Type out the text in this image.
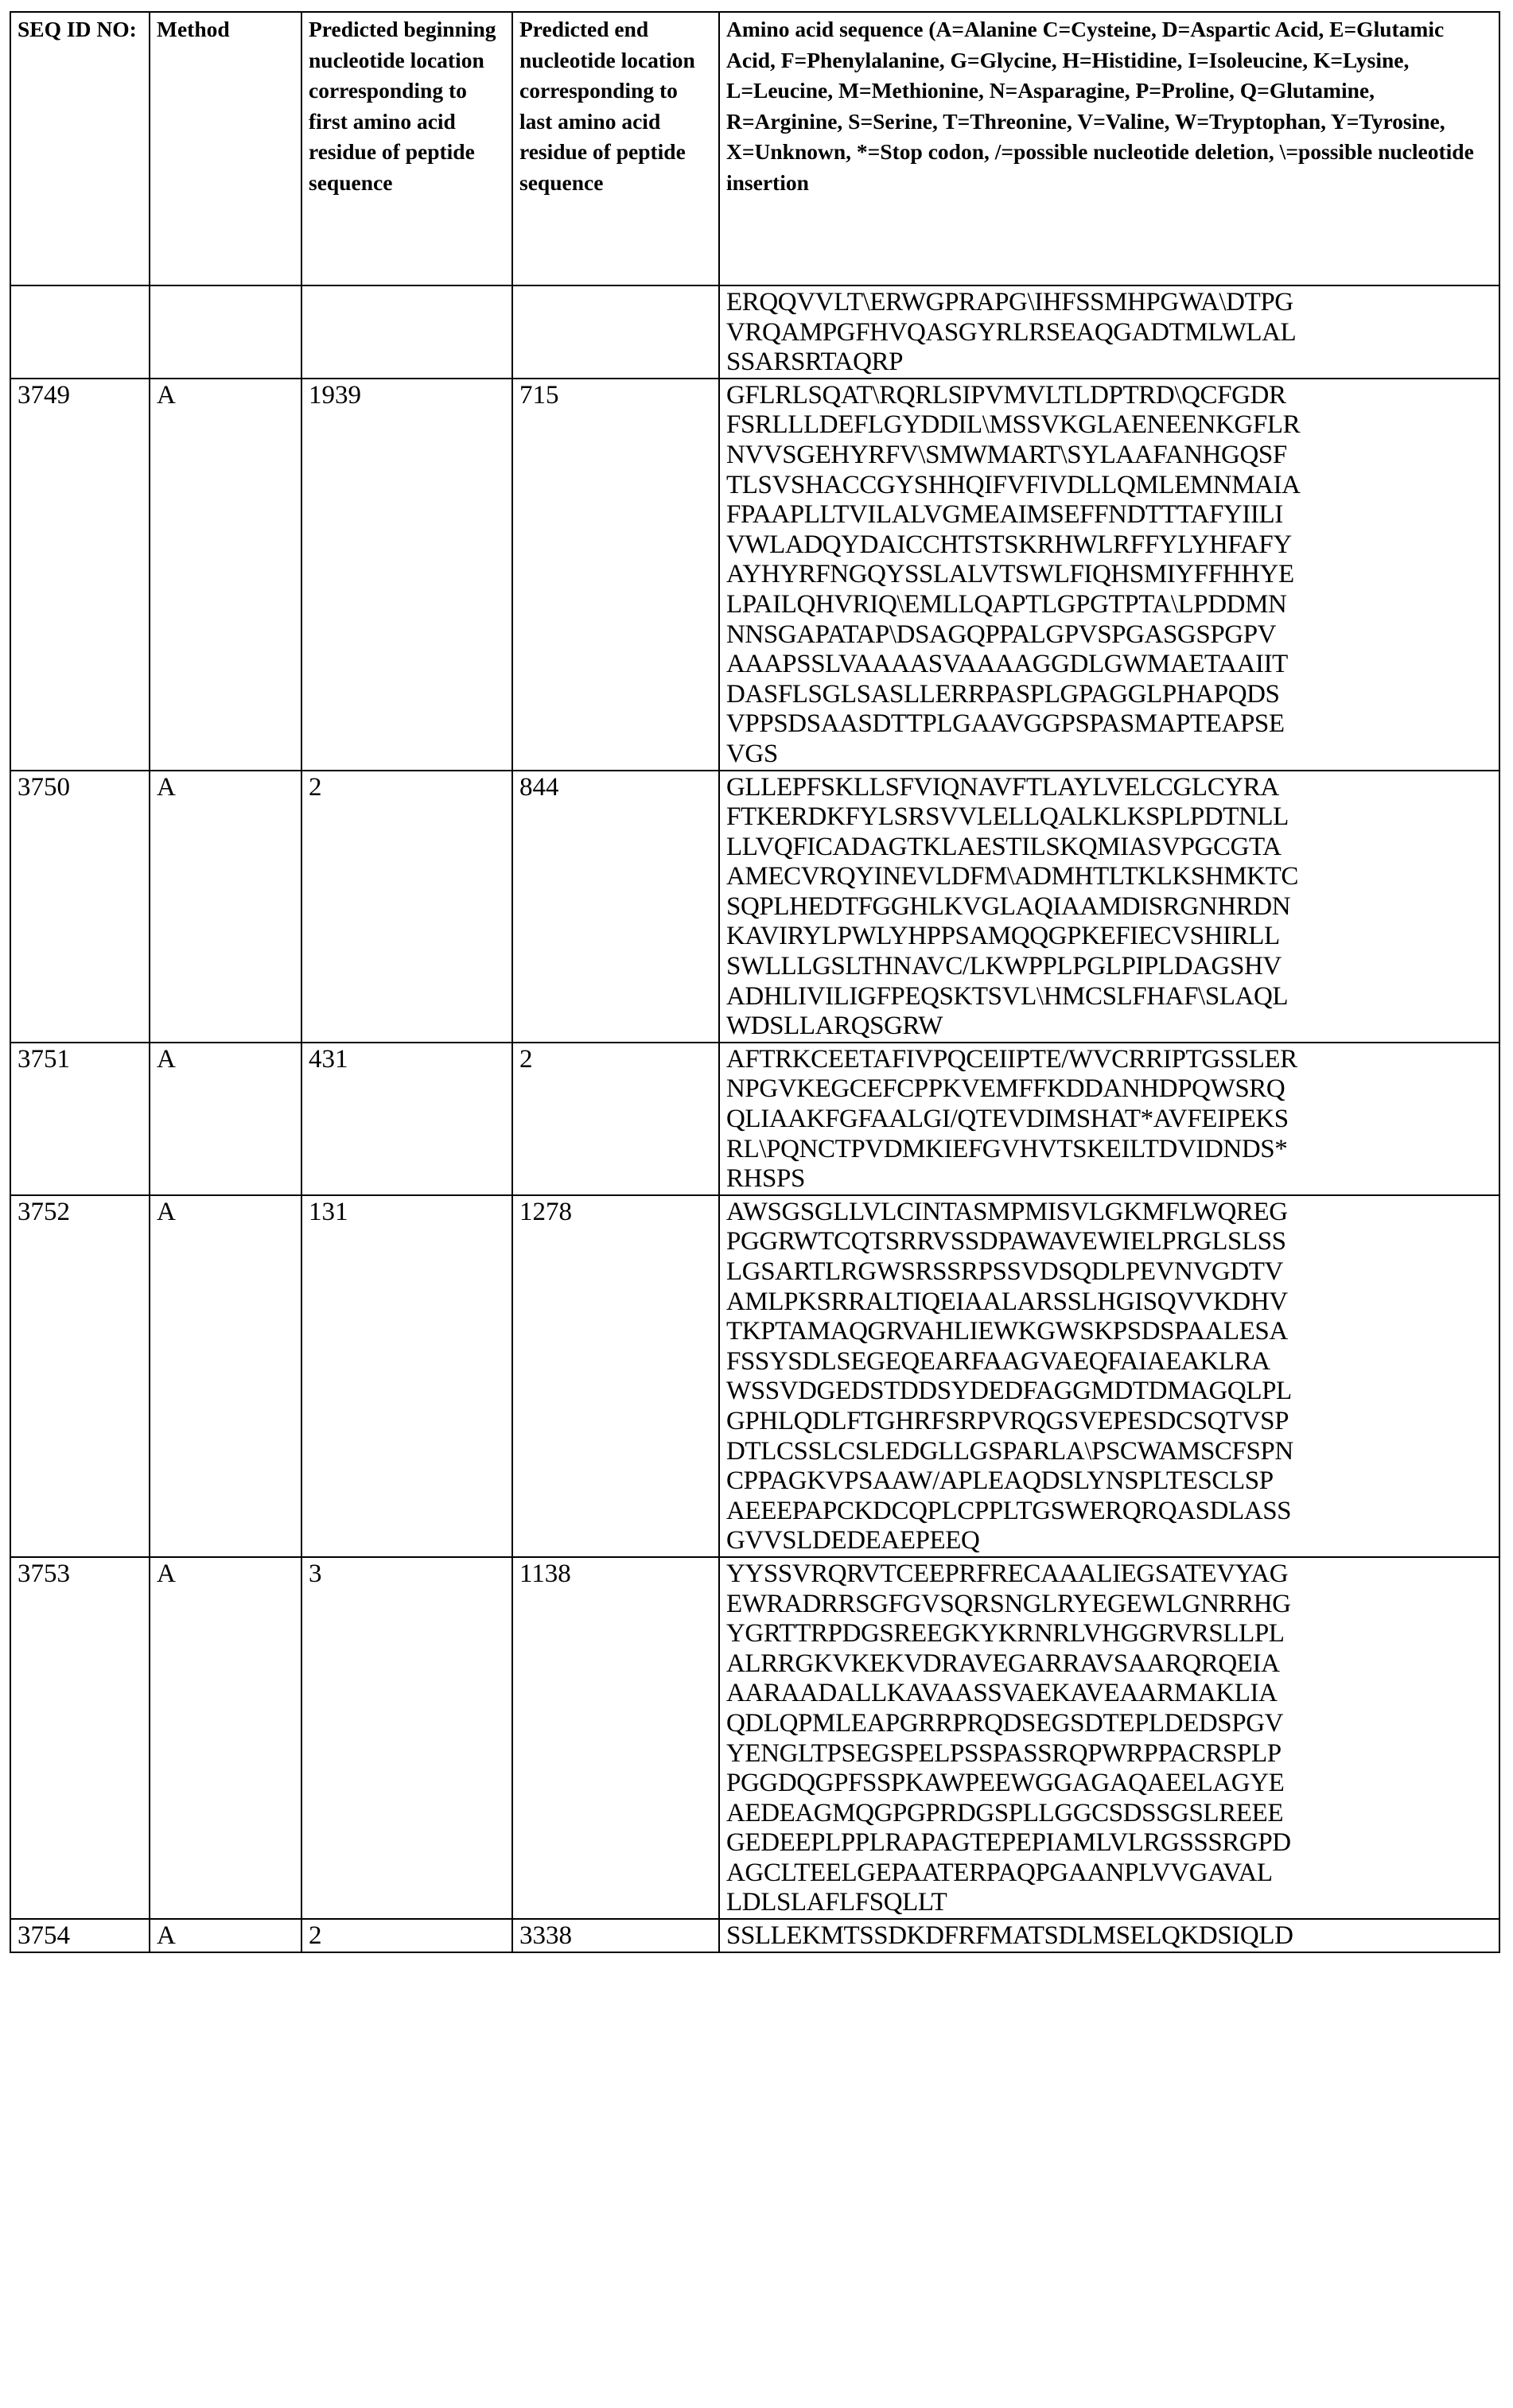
SEQ ID NO:	Method	Predicted beginning nucleotide location corresponding to first amino acid residue of peptide sequence	Predicted end nucleotide location corresponding to last amino acid residue of peptide sequence	Amino acid sequence (A=Alanine C=Cysteine, D=Aspartic Acid, E=Glutamic Acid, F=Phenylalanine, G=Glycine, H=Histidine, I=Isoleucine, K=Lysine, L=Leucine, M=Methionine, N=Asparagine, P=Proline, Q=Glutamine, R=Arginine, S=Serine, T=Threonine, V=Valine, W=Tryptophan, Y=Tyrosine, X=Unknown, *=Stop codon, /=possible nucleotide deletion, \=possible nucleotide insertion

				ERQQVVLT\ERWGPRAPG\IHFSSMHPGWA\DTPG
VRQAMPGFHVQASGYRLRSEAQGADTMLWLAL
SSARSRTAQRP

3749	A	1939	715	GFLRLSQAT\RQRLSIPVMVLTLDPTRD\QCFGDR
FSRLLLDEFLGYDDIL\MSSVKGLAENEENKGFLR
NVVSGEHYRFV\SMWMART\SYLAAFANHGQSF
TLSVSHACCGYSHHQIFVFIVDLLQMLEMNMAIA
FPAAPLLTVILALVGMEAIMSEFFNDTTTAFYIILI
VWLADQYDAICCHTSTSKRHWLRFFYLYHFAFY
AYHYRFNGQYSSLALVTSWLFIQHSMIYFFHHYE
LPAILQHVRIQ\EMLLQAPTLGPGTPTA\LPDDMN
NNSGAPATAP\DSAGQPPALGPVSPGASGSPGPV
AAAPSSLVAAAASVAAAAGGDLGWMAETAAIIT
DASFLSGLSASLLERRPASPLGPAGGLPHAPQDS
VPPSDSAASDTTPLGAAVGGPSPASMAPTEAPSE
VGS

3750	A	2	844	GLLEPFSKLLSFVIQNAVFTLAYLVELCGLCYRA
FTKERDKFYLSRSVVLELLQALKLKSPLPDTNLL
LLVQFICADAGTKLAESTILSKQMIASVPGCGTA
AMECVRQYINEVLDFM\ADMHTLTKLKSHMKTC
SQPLHEDTFGGHLKVGLAQIAAMDISRGNHRDN
KAVIRYLPWLYHPPSAMQQGPKEFIECVSHIRLL
SWLLLGSLTHNAVC/LKWPPLPGLPIPLDAGSHV
ADHLIVILIGFPEQSKTSVL\HMCSLFHAF\SLAQL
WDSLLARQSGRW

3751	A	431	2	AFTRKCEETAFIVPQCEIIPTE/WVCRRIPTGSSLER
NPGVKEGCEFCPPKVEMFFKDDANHDPQWSRQ
QLIAAKFGFAALGI/QTEVDIMSHAT*AVFEIPEKS
RL\PQNCTPVDMKIEFGVHVTSKEILTDVIDNDS*
RHSPS

3752	A	131	1278	AWSGSGLLVLCINTASMPMISVLGKMFLWQREG
PGGRWTCQTSRRVSSDPAWAVEWIELPRGLSLSS
LGSARTLRGWSRSSRPSSVDSQDLPEVNVGDTV
AMLPKSRRALTIQEIAALARSSLHGISQVVKDHV
TKPTAMAQGRVAHLIEWKGWSKPSDSPAALESA
FSSYSDLSEGEQEARFAAGVAEQFAIAEAKLRA
WSSVDGEDSTDDSYDEDFAGGMDTDMAGQLPL
GPHLQDLFTGHRFSRPVRQGSVEPESDCSQTVSP
DTLCSSLCSLEDGLLGSPARLA\PSCWAMSCFSPN
CPPAGKVPSAAW/APLEAQDSLYNSPLTESCLSP
AEEEPAPCKDCQPLCPPLTGSWERQRQASDLASS
GVVSLDEDEAEPEEQ

3753	A	3	1138	YYSSVRQRVTCEEPRFRECAAALIEGSATEVYAG
EWRADRRSGFGVSQRSNGLRYEGEWLGNRRHG
YGRTTRPDGSREEGKYKRNRLVHGGRVRSLLPL
ALRRGKVKEKVDRAVEGARRAVSAARQRQEIA
AARAADALLKAVAASSVAEKAVEAARMAKLIA
QDLQPMLEAPGRRPRQDSEGSDTEPLDEDSPGV
YENGLTPSEGSPELPSSPASSRQPWRPPACRSPLP
PGGDQGPFSSPKAWPEEWGGAGAQAEELAGYE
AEDEAGMQGPGPRDGSPLLGGCSDSSGSLREEE
GEDEEPLPPLRAPAGTEPEPIAMLVLRGSSSRGPD
AGCLTEELGEPAATERPAQPGAANPLVVGAVAL
LDLSLAFLFSQLLT

3754	A	2	3338	SSLLEKMTSSDKDFRFMATSDLMSELQKDSIQLD
